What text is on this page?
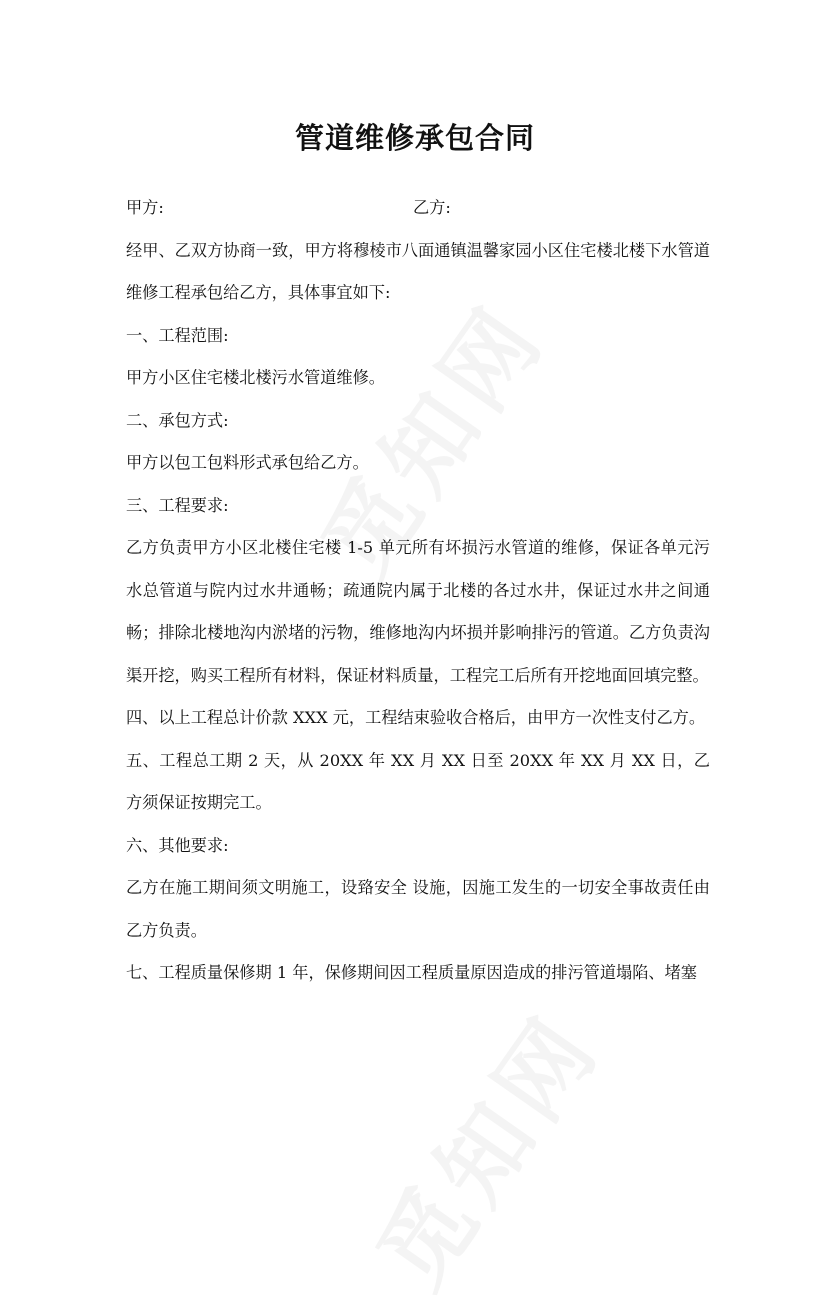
管道维修承包合同
甲方:	乙方:

经甲、乙双方协商一致，甲方将穆棱市八面通镇温馨家园小区住宅楼北楼下水管道维修工程承包给乙方，具体事宜如下:

一、工程范围:

甲方小区住宅楼北楼污水管道维修。

二、承包方式:

甲方以包工包料形式承包给乙方。

三、工程要求:

乙方负责甲方小区北楼住宅楼 1-5 单元所有坏损污水管道的维修，保证各单元污水总管道与院内过水井通畅；疏通院内属于北楼的各过水井，保证过水井之间通畅；排除北楼地沟内淤堵的污物，维修地沟内坏损并影响排污的管道。乙方负责沟渠开挖，购买工程所有材料，保证材料质量，工程完工后所有开挖地面回填完整。

四、以上工程总计价款 XXX 元，工程结束验收合格后，由甲方一次性支付乙方。

五、工程总工期 2 天，从 20XX 年 XX 月 XX 日至 20XX 年 XX 月 XX 日，乙方须保证按期完工。

六、其他要求:

乙方在施工期间须文明施工，设臵安全 设施，因施工发生的一切安全事故责任由乙方负责。

七、工程质量保修期 1 年，保修期间因工程质量原因造成的排污管道塌陷、堵塞
